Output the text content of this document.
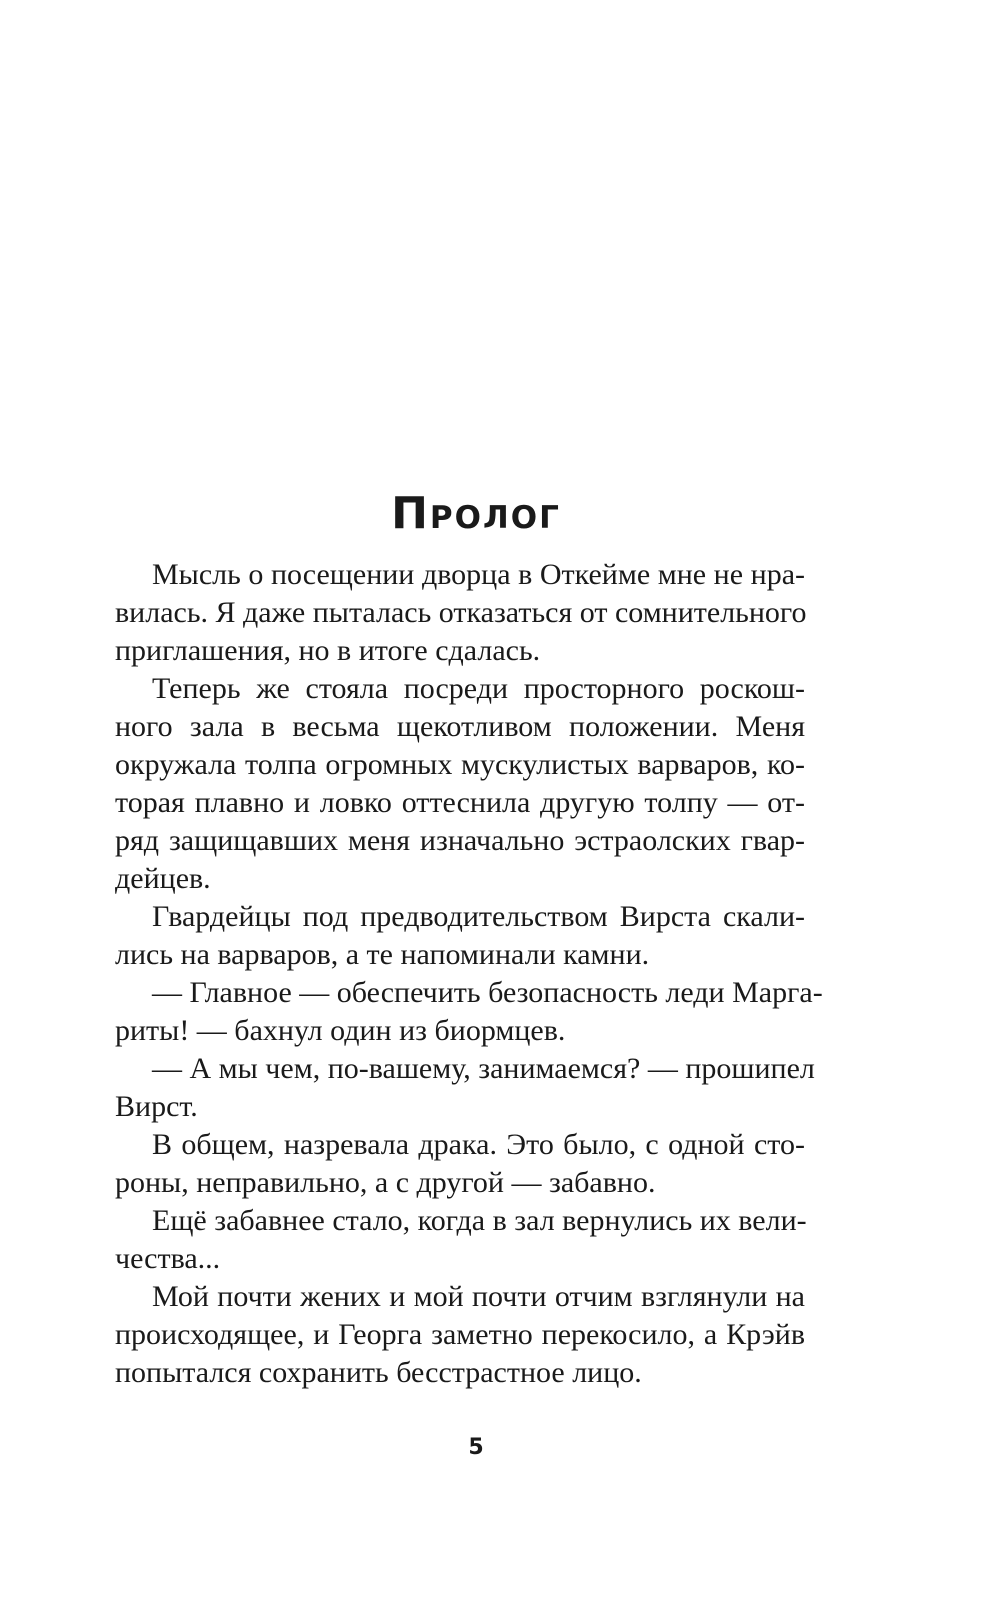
Пролог
Мысль о посещении дворца в Откейме мне не нра-
вилась. Я даже пыталась отказаться от сомнительного
приглашения, но в итоге сдалась.
Теперь же стояла посреди просторного роскош-
ного зала в весьма щекотливом положении. Меня
окружала толпа огромных мускулистых варваров, ко-
торая плавно и ловко оттеснила другую толпу — от-
ряд защищавших меня изначально эстраолских гвар-
дейцев.
Гвардейцы под предводительством Вирста скали-
лись на варваров, а те напоминали камни.
— Главное — обеспечить безопасность леди Марга-
риты! — бахнул один из биормцев.
— А мы чем, по-вашему, занимаемся? — прошипел
Вирст.
В общем, назревала драка. Это было, с одной сто-
роны, неправильно, а с другой — забавно.
Ещё забавнее стало, когда в зал вернулись их вели-
чества...
Мой почти жених и мой почти отчим взглянули на
происходящее, и Георга заметно перекосило, а Крэйв
попытался сохранить бесстрастное лицо.
5
